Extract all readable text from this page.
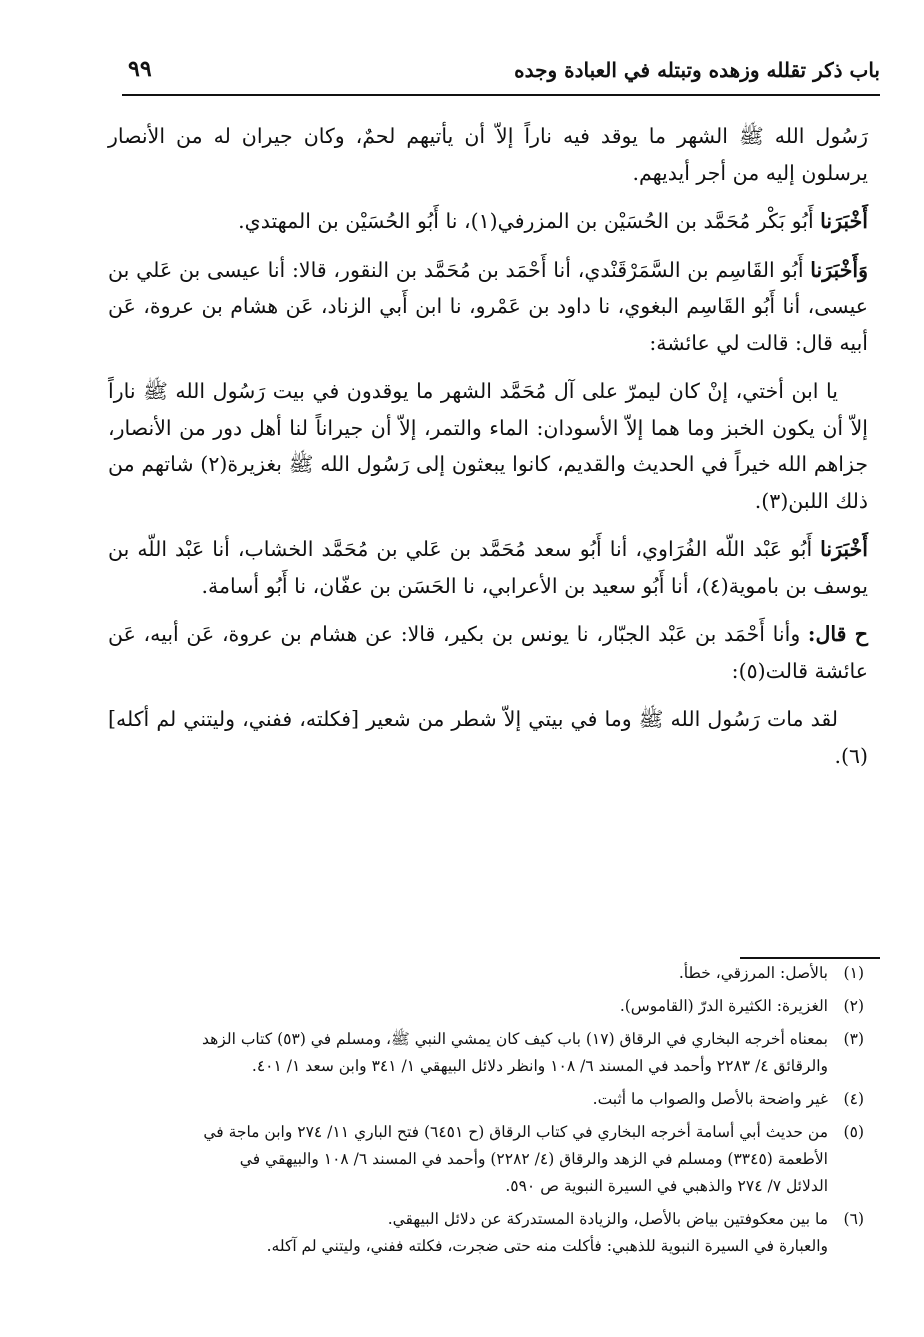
باب ذكر تقلله وزهده وتبتله في العبادة وجده
٩٩

رَسُول الله ﷺ الشهر ما يوقد فيه ناراً إلاّ أن يأتيهم لحمٌ، وكان جيران له من الأنصار يرسلون إليه من أجر أيديهم.

أَخْبَرَنا أَبُو بَكْر مُحَمَّد بن الحُسَيْن بن المزرفي(١)، نا أَبُو الحُسَيْن بن المهتدي.

وَأَخْبَرَنا أَبُو القَاسِم بن السَّمَرْقَنْدي، أنا أَحْمَد بن مُحَمَّد بن النقور، قالا: أنا عيسى بن عَلي بن عيسى، أنا أَبُو القَاسِم البغوي، نا داود بن عَمْرو، نا ابن أَبي الزناد، عَن هشام بن عروة، عَن أبيه قال: قالت لي عائشة:

يا ابن أختي، إنْ كان ليمرّ على آل مُحَمَّد الشهر ما يوقدون في بيت رَسُول الله ﷺ ناراً إلاّ أن يكون الخبز وما هما إلاّ الأسودان: الماء والتمر، إلاّ أن جيراناً لنا أهل دور من الأنصار، جزاهم الله خيراً في الحديث والقديم، كانوا يبعثون إلى رَسُول الله ﷺ بغزيرة(٢) شاتهم من ذلك اللبن(٣).

أَخْبَرَنا أَبُو عَبْد اللّه الفُرَاوي، أنا أَبُو سعد مُحَمَّد بن عَلي بن مُحَمَّد الخشاب، أنا عَبْد اللّه بن يوسف بن باموية(٤)، أنا أَبُو سعيد بن الأعرابي، نا الحَسَن بن عفّان، نا أَبُو أسامة.

ح قال: وأنا أَحْمَد بن عَبْد الجبّار، نا يونس بن بكير، قالا: عن هشام بن عروة، عَن أبيه، عَن عائشة قالت(٥):

لقد مات رَسُول الله ﷺ وما في بيتي إلاّ شطر من شعير [فكلته، ففني، وليتني لم أكله](٦).

(١)
بالأصل: المرزقي، خطأ.
(٢)
الغزيرة: الكثيرة الدرّ (القاموس).
(٣)
بمعناه أخرجه البخاري في الرقاق (١٧) باب كيف كان يمشي النبي ﷺ، ومسلم في (٥٣) كتاب الزهد
والرقائق ٤/ ٢٢٨٣ وأحمد في المسند ٦/ ١٠٨ وانظر دلائل البيهقي ١/ ٣٤١ وابن سعد ١/ ٤٠١.
(٤)
غير واضحة بالأصل والصواب ما أثبت.
(٥)
من حديث أبي أسامة أخرجه البخاري في كتاب الرقاق (ح ٦٤٥١) فتح الباري ١١/ ٢٧٤ وابن ماجة في
الأطعمة (٣٣٤٥) ومسلم في الزهد والرقاق (٤/ ٢٢٨٢) وأحمد في المسند ٦/ ١٠٨ والبيهقي في
الدلائل ٧/ ٢٧٤ والذهبي في السيرة النبوية ص ٥٩٠.
(٦)
ما بين معكوفتين بياض بالأصل، والزيادة المستدركة عن دلائل البيهقي.
والعبارة في السيرة النبوية للذهبي: فأكلت منه حتى ضجرت، فكلته ففني، وليتني لم آكله.
